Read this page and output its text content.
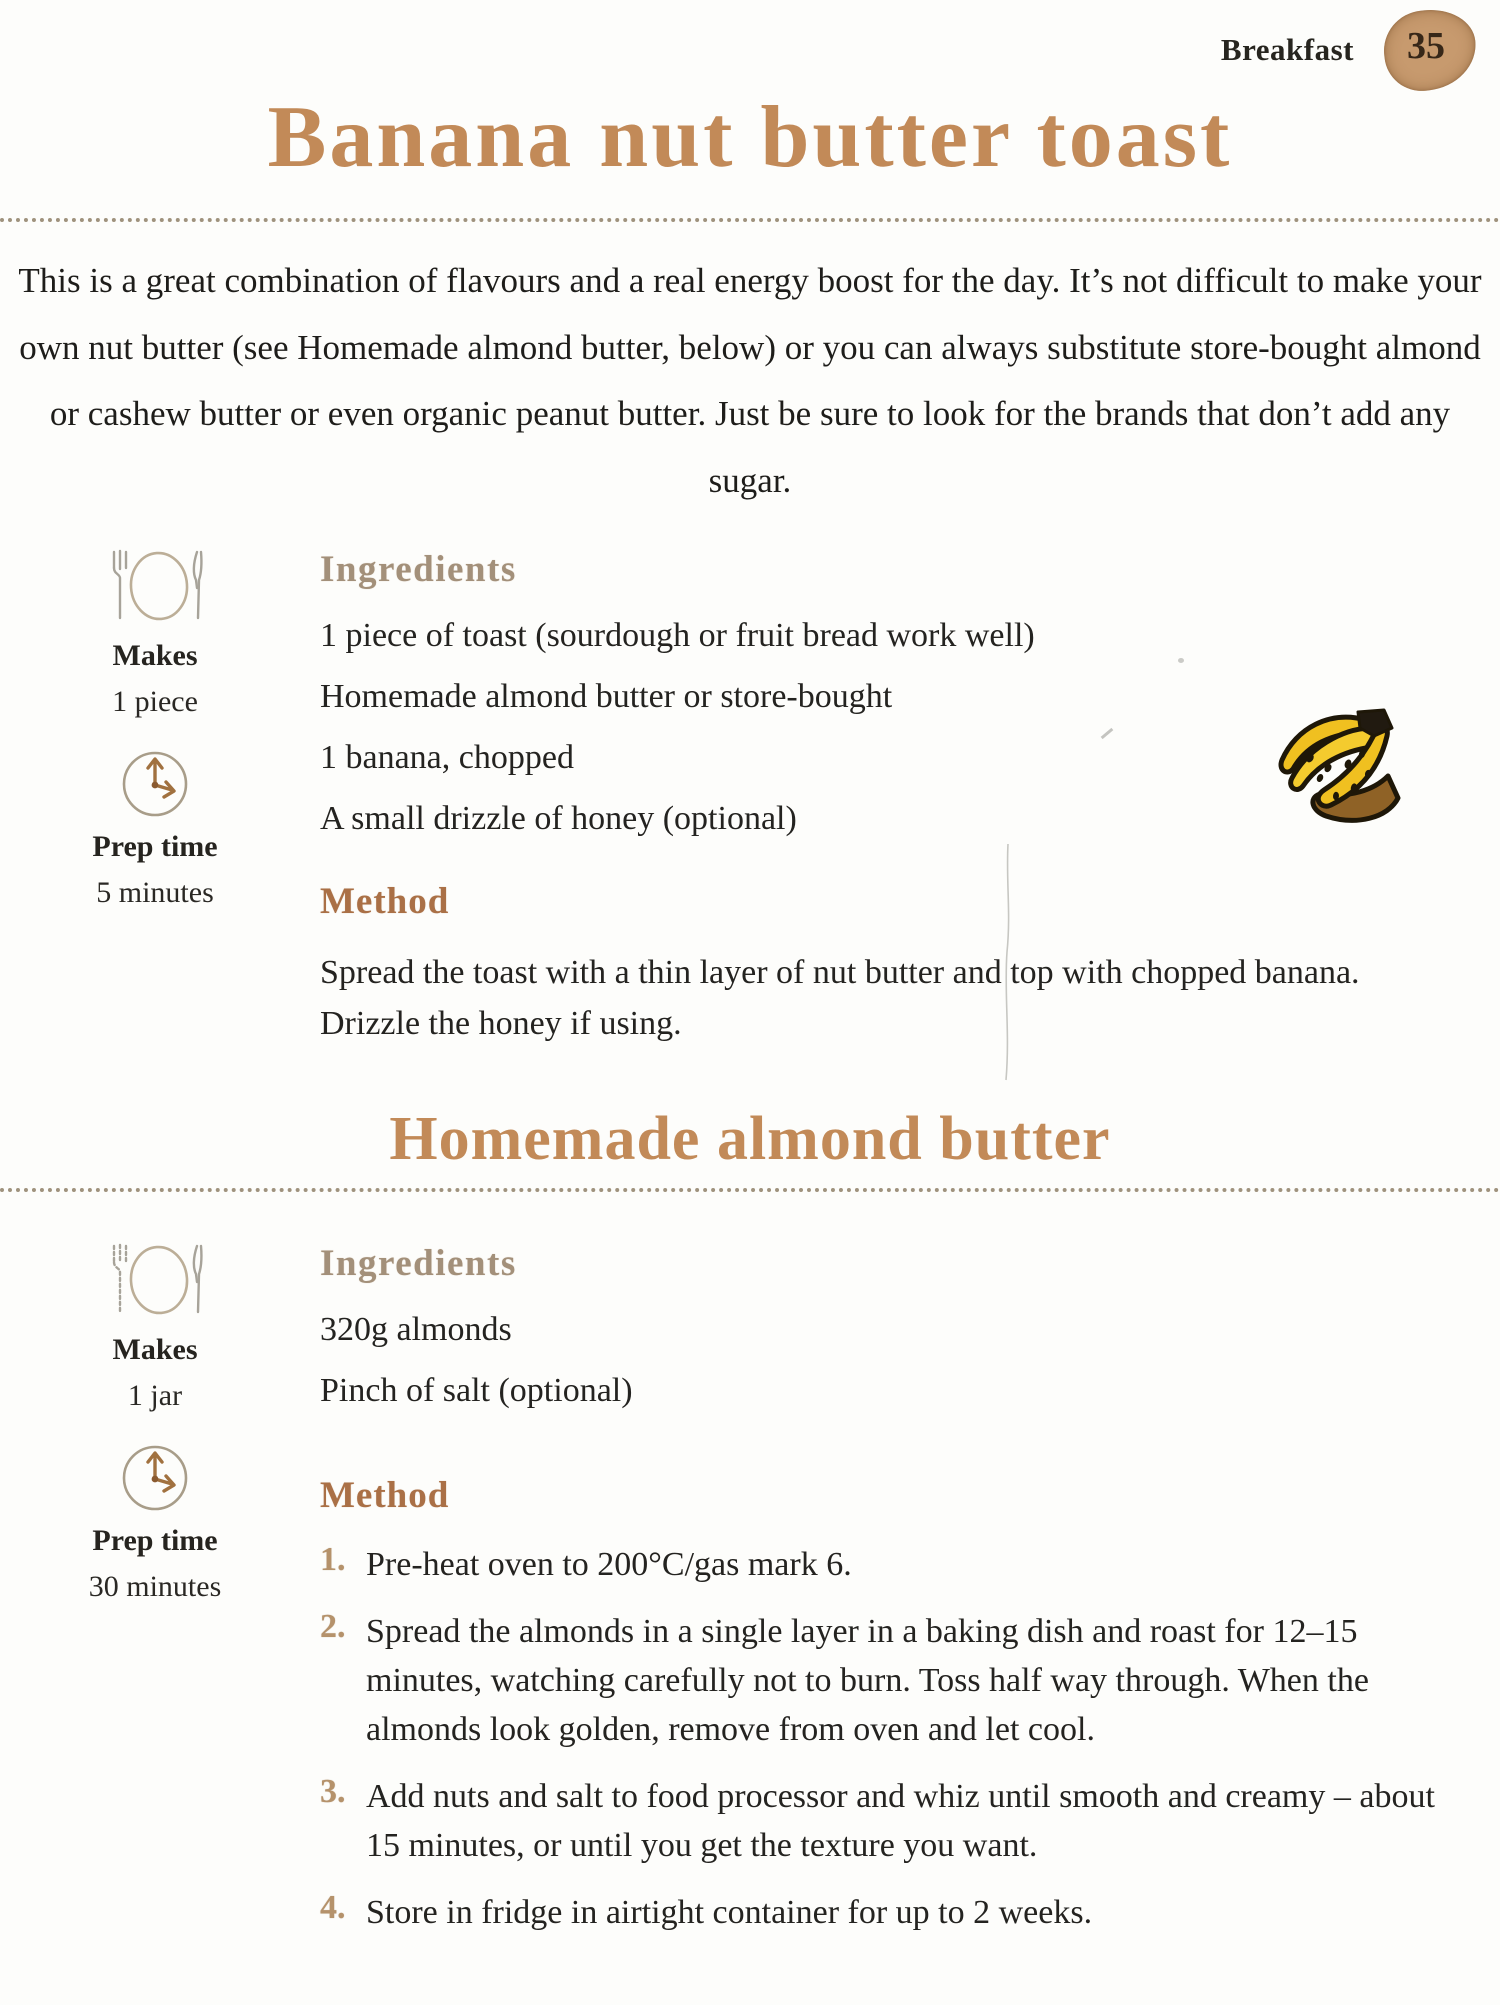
Breakfast 35
Banana nut butter toast

This is a great combination of flavours and a real energy boost for the day. It’s not difficult to make your own nut butter (see Homemade almond butter, below) or you can always substitute store-bought almond or cashew butter or even organic peanut butter. Just be sure to look for the brands that don’t add any sugar.

Makes
1 piece
Prep time
5 minutes
Ingredients
1 piece of toast (sourdough or fruit bread work well)
Homemade almond butter or store-bought
1 banana, chopped
A small drizzle of honey (optional)
Method

Spread the toast with a thin layer of nut butter and top with chopped banana. Drizzle the honey if using.

Homemade almond butter
Makes
1 jar
Prep time
30 minutes
Ingredients
320g almonds
Pinch of salt (optional)
Method
1. Pre-heat oven to 200°C/gas mark 6.
2. Spread the almonds in a single layer in a baking dish and roast for 12–15 minutes, watching carefully not to burn. Toss half way through. When the almonds look golden, remove from oven and let cool.
3. Add nuts and salt to food processor and whiz until smooth and creamy – about 15 minutes, or until you get the texture you want.
4. Store in fridge in airtight container for up to 2 weeks.
